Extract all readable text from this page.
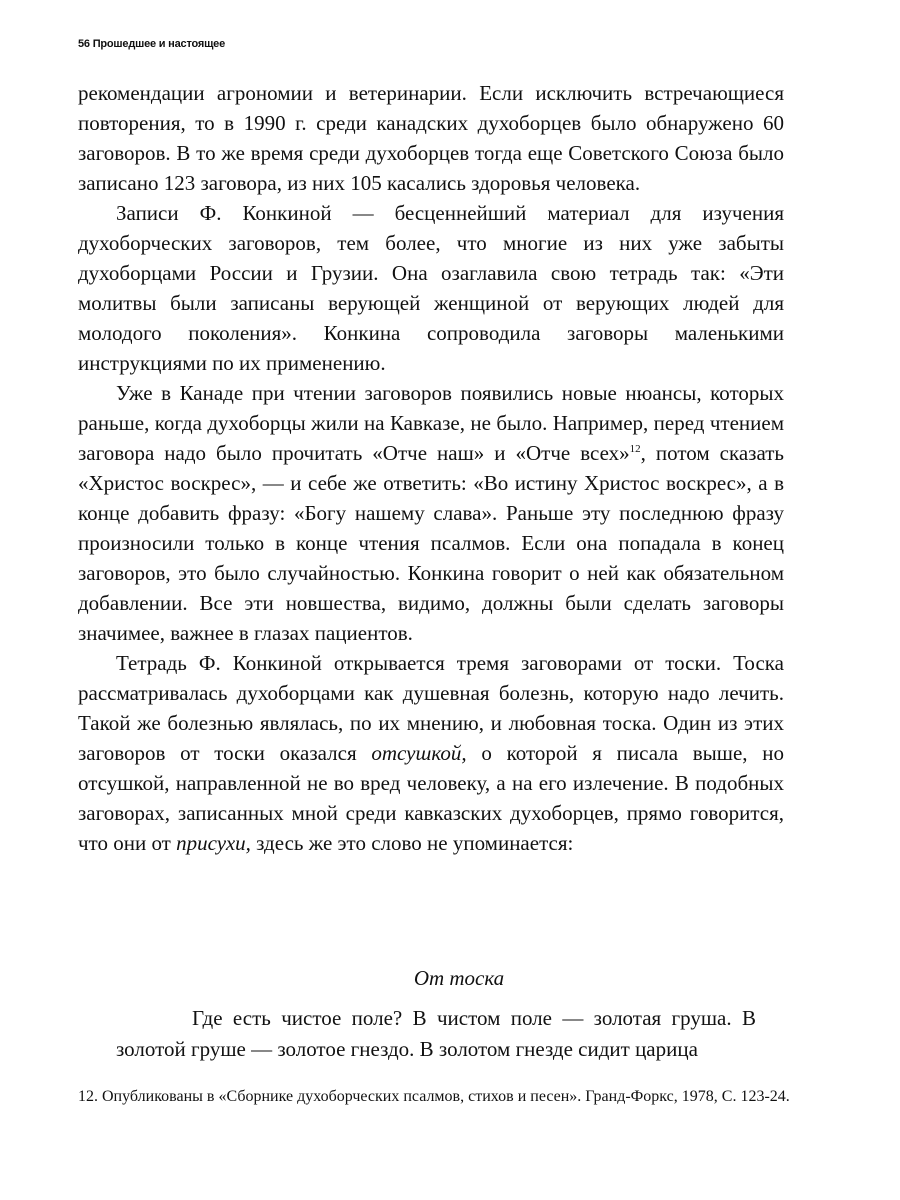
56 Прошедшее и настоящее

рекомендации агрономии и ветеринарии. Если исключить встречающиеся повторения, то в 1990 г. среди канадских духоборцев было обнаружено 60 заговоров. В то же время среди духоборцев тогда еще Советского Союза было записано 123 заговора, из них 105 касались здоровья человека.

Записи Ф. Конкиной — бесценнейший материал для изучения духоборческих заговоров, тем более, что многие из них уже забыты духоборцами России и Грузии. Она озаглавила свою тетрадь так: «Эти молитвы были записаны верующей женщиной от верующих людей для молодого поколения». Конкина сопроводила заговоры маленькими инструкциями по их применению.

Уже в Канаде при чтении заговоров появились новые нюансы, которых раньше, когда духоборцы жили на Кавказе, не было. Например, перед чтением заговора надо было прочитать «Отче наш» и «Отче всех»$^{12}$, потом сказать «Христос воскрес», — и себе же ответить: «Во истину Христос воскрес», а в конце добавить фразу: «Богу нашему слава». Раньше эту последнюю фразу произносили только в конце чтения псалмов. Если она попадала в конец заговоров, это было случайностью. Конкина говорит о ней как обязательном добавлении. Все эти новшества, видимо, должны были сделать заговоры значимее, важнее в глазах пациентов.

Тетрадь Ф. Конкиной открывается тремя заговорами от тоски. Тоска рассматривалась духоборцами как душевная болезнь, которую надо лечить. Такой же болезнью являлась, по их мнению, и любовная тоска. Один из этих заговоров от тоски оказался отсушкой, о которой я писала выше, но отсушкой, направленной не во вред человеку, а на его излечение. В подобных заговорах, записанных мной среди кавказских духоборцев, прямо говорится, что они от присухи, здесь же это слово не упоминается:

От тоска
Где есть чистое поле? В чистом поле — золотая груша. В золотой груше — золотое гнездо. В золотом гнезде сидит царица
12. Опубликованы в «Сборнике духоборческих псалмов, стихов и песен». Гранд-Форкс, 1978, С. 123-24.
